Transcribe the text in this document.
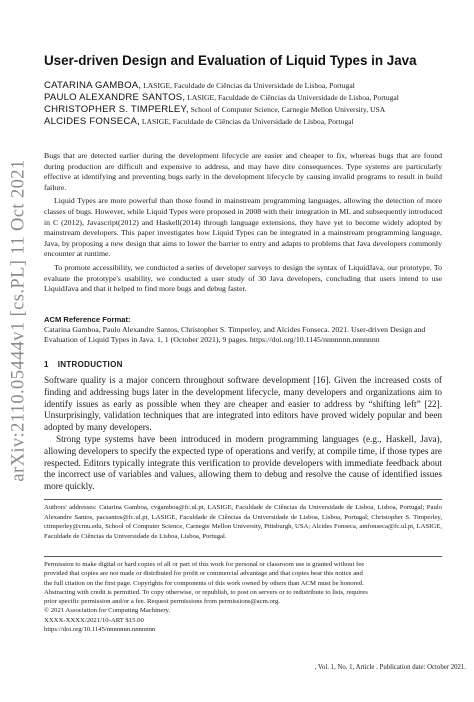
arXiv:2110.05444v1 [cs.PL] 11 Oct 2021
User-driven Design and Evaluation of Liquid Types in Java
CATARINA GAMBOA, LASIGE, Faculdade de Ciências da Universidade de Lisboa, Portugal
PAULO ALEXANDRE SANTOS, LASIGE, Faculdade de Ciências da Universidade de Lisboa, Portugal
CHRISTOPHER S. TIMPERLEY, School of Computer Science, Carnegie Mellon University, USA
ALCIDES FONSECA, LASIGE, Faculdade de Ciências da Universidade de Lisboa, Portugal

Bugs that are detected earlier during the development lifecycle are easier and cheaper to fix, whereas bugs that are found during production are difficult and expensive to address, and may have dire consequences. Type systems are particularly effective at identifying and preventing bugs early in the development lifecycle by causing invalid programs to result in build failure.

Liquid Types are more powerful than those found in mainstream programming languages, allowing the detection of more classes of bugs. However, while Liquid Types were proposed in 2008 with their integration in ML and subsequently introduced in C (2012), Javascript(2012) and Haskell(2014) through language extensions, they have yet to become widely adopted by mainstream developers. This paper investigates how Liquid Types can be integrated in a mainstream programming language, Java, by proposing a new design that aims to lower the barrier to entry and adapts to problems that Java developers commonly encounter at runtime.

To promote accessibility, we conducted a series of developer surveys to design the syntax of LiquidJava, our prototype. To evaluate the prototype's usability, we conducted a user study of 30 Java developers, concluding that users intend to use LiquidJava and that it helped to find more bugs and debug faster.

ACM Reference Format:
Catarina Gamboa, Paulo Alexandre Santos, Christopher S. Timperley, and Alcides Fonseca. 2021. User-driven Design and Evaluation of Liquid Types in Java. 1, 1 (October 2021), 9 pages. https://doi.org/10.1145/nnnnnnn.nnnnnnn
1 INTRODUCTION

Software quality is a major concern throughout software development [16]. Given the increased costs of finding and addressing bugs later in the development lifecycle, many developers and organizations aim to identify issues as early as possible when they are cheaper and easier to address by “shifting left” [22]. Unsurprisingly, validation techniques that are integrated into editors have proved widely popular and been adopted by many developers.

Strong type systems have been introduced in modern programming languages (e.g., Haskell, Java), allowing developers to specify the expected type of operations and verify, at compile time, if those types are respected. Editors typically integrate this verification to provide developers with immediate feedback about the incorrect use of variables and values, allowing them to debug and resolve the cause of identified issues more quickly.

Authors' addresses: Catarina Gamboa, cvgamboa@fc.ul.pt, LASIGE, Faculdade de Ciências da Universidade de Lisboa, Lisboa, Portugal; Paulo Alexandre Santos, pacsantos@fc.ul.pt, LASIGE, Faculdade de Ciências da Universidade de Lisboa, Lisboa, Portugal; Christopher S. Timperley, ctimperley@cmu.edu, School of Computer Science, Carnegie Mellon University, Pittsburgh, USA; Alcides Fonseca, amfonseca@fc.ul.pt, LASIGE, Faculdade de Ciências da Universidade de Lisboa, Lisboa, Portugal.
Permission to make digital or hard copies of all or part of this work for personal or classroom use is granted without fee
provided that copies are not made or distributed for profit or commercial advantage and that copies bear this notice and
the full citation on the first page. Copyrights for components of this work owned by others than ACM must be honored.
Abstracting with credit is permitted. To copy otherwise, or republish, to post on servers or to redistribute to lists, requires
prior specific permission and/or a fee. Request permissions from permissions@acm.org.
© 2021 Association for Computing Machinery.
XXXX-XXXX/2021/10-ART $15.00
https://doi.org/10.1145/nnnnnnn.nnnnnnn
, Vol. 1, No. 1, Article . Publication date: October 2021.
